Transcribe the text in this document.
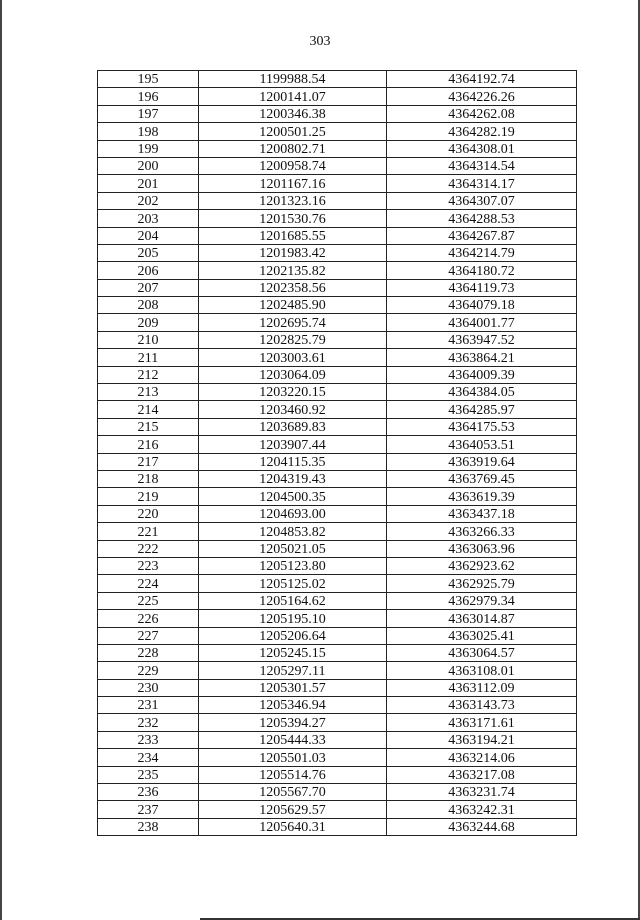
303
195	1199988.54	4364192.74
196	1200141.07	4364226.26
197	1200346.38	4364262.08
198	1200501.25	4364282.19
199	1200802.71	4364308.01
200	1200958.74	4364314.54
201	1201167.16	4364314.17
202	1201323.16	4364307.07
203	1201530.76	4364288.53
204	1201685.55	4364267.87
205	1201983.42	4364214.79
206	1202135.82	4364180.72
207	1202358.56	4364119.73
208	1202485.90	4364079.18
209	1202695.74	4364001.77
210	1202825.79	4363947.52
211	1203003.61	4363864.21
212	1203064.09	4364009.39
213	1203220.15	4364384.05
214	1203460.92	4364285.97
215	1203689.83	4364175.53
216	1203907.44	4364053.51
217	1204115.35	4363919.64
218	1204319.43	4363769.45
219	1204500.35	4363619.39
220	1204693.00	4363437.18
221	1204853.82	4363266.33
222	1205021.05	4363063.96
223	1205123.80	4362923.62
224	1205125.02	4362925.79
225	1205164.62	4362979.34
226	1205195.10	4363014.87
227	1205206.64	4363025.41
228	1205245.15	4363064.57
229	1205297.11	4363108.01
230	1205301.57	4363112.09
231	1205346.94	4363143.73
232	1205394.27	4363171.61
233	1205444.33	4363194.21
234	1205501.03	4363214.06
235	1205514.76	4363217.08
236	1205567.70	4363231.74
237	1205629.57	4363242.31
238	1205640.31	4363244.68
